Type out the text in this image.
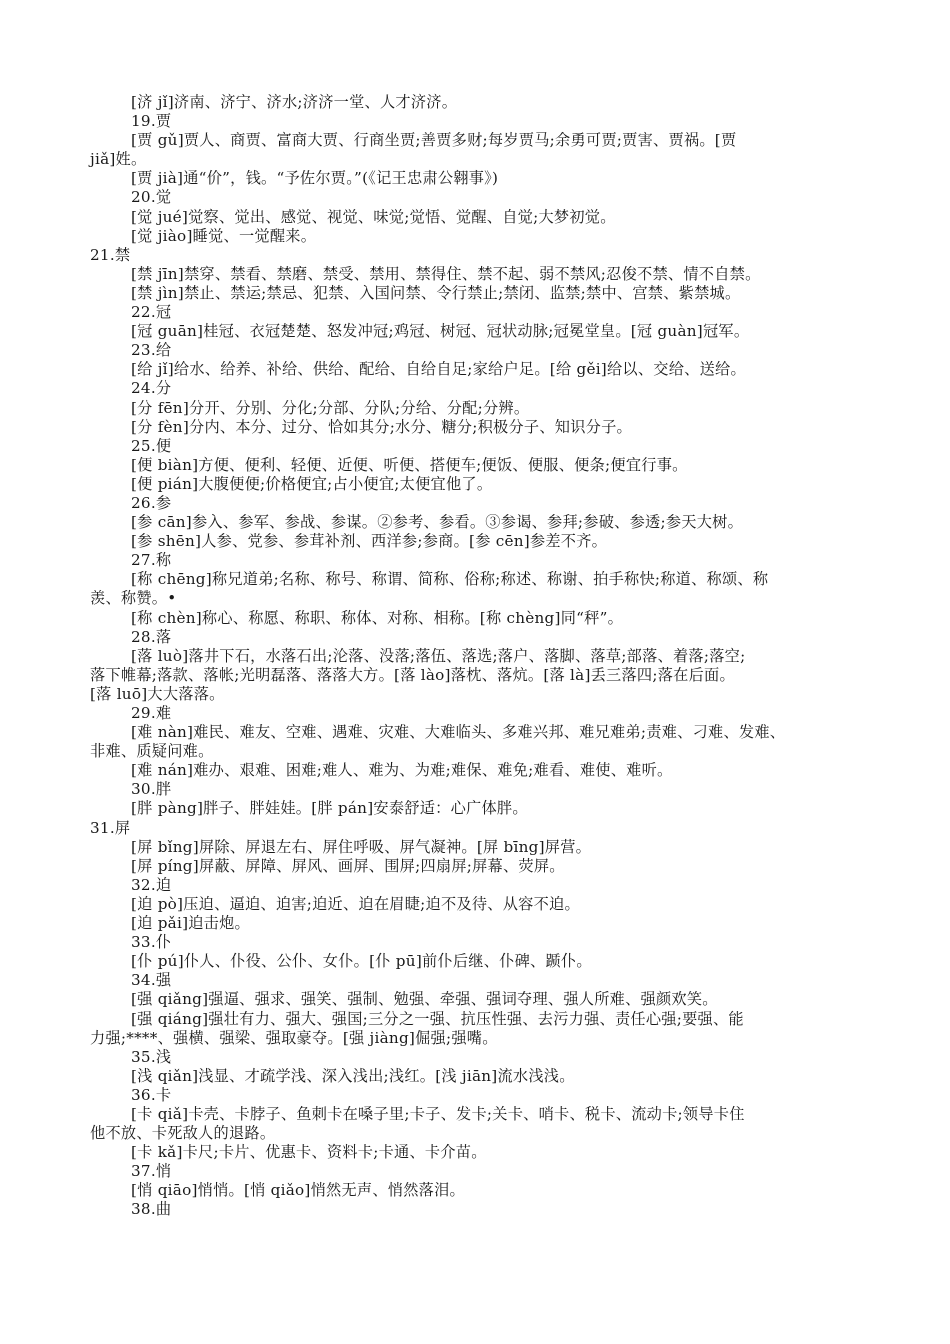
[济 jǐ]济南、济宁、济水;济济一堂、人才济济。
19.贾
[贾 gǔ]贾人、商贾、富商大贾、行商坐贾;善贾多财;每岁贾马;余勇可贾;贾害、贾祸。[贾
jiǎ]姓。
[贾 jià]通“价”，钱。“予佐尔贾。”(《记王忠肃公翱事》)
20.觉
[觉 jué]觉察、觉出、感觉、视觉、味觉;觉悟、觉醒、自觉;大梦初觉。
[觉 jiào]睡觉、一觉醒来。
21.禁
[禁 jīn]禁穿、禁看、禁磨、禁受、禁用、禁得住、禁不起、弱不禁风;忍俊不禁、情不自禁。
[禁 jìn]禁止、禁运;禁忌、犯禁、入国问禁、令行禁止;禁闭、监禁;禁中、宫禁、紫禁城。
22.冠
[冠 guān]桂冠、衣冠楚楚、怒发冲冠;鸡冠、树冠、冠状动脉;冠冕堂皇。[冠 guàn]冠军。
23.给
[给 jǐ]给水、给养、补给、供给、配给、自给自足;家给户足。[给 gěi]给以、交给、送给。
24.分
[分 fēn]分开、分别、分化;分部、分队;分给、分配;分辨。
[分 fèn]分内、本分、过分、恰如其分;水分、糖分;积极分子、知识分子。
25.便
[便 biàn]方便、便利、轻便、近便、听便、搭便车;便饭、便服、便条;便宜行事。
[便 pián]大腹便便;价格便宜;占小便宜;太便宜他了。
26.参
[参 cān]参入、参军、参战、参谋。②参考、参看。③参谒、参拜;参破、参透;参天大树。
[参 shēn]人参、党参、参茸补剂、西洋参;参商。[参 cēn]参差不齐。
27.称
[称 chēng]称兄道弟;名称、称号、称谓、简称、俗称;称述、称谢、拍手称快;称道、称颂、称
羡、称赞。•
[称 chèn]称心、称愿、称职、称体、对称、相称。[称 chèng]同“秤”。
28.落
[落 luò]落井下石，水落石出;沦落、没落;落伍、落选;落户、落脚、落草;部落、着落;落空;
落下帷幕;落款、落帐;光明磊落、落落大方。[落 lào]落枕、落炕。[落 là]丢三落四;落在后面。
[落 luō]大大落落。
29.难
[难 nàn]难民、难友、空难、遇难、灾难、大难临头、多难兴邦、难兄难弟;责难、刁难、发难、
非难、质疑问难。
[难 nán]难办、艰难、困难;难人、难为、为难;难保、难免;难看、难使、难听。
30.胖
[胖 pàng]胖子、胖娃娃。[胖 pán]安泰舒适：心广体胖。
31.屏
[屏 bǐng]屏除、屏退左右、屏住呼吸、屏气凝神。[屏 bīng]屏营。
[屏 píng]屏蔽、屏障、屏风、画屏、围屏;四扇屏;屏幕、荧屏。
32.迫
[迫 pò]压迫、逼迫、迫害;迫近、迫在眉睫;迫不及待、从容不迫。
[迫 pǎi]迫击炮。
33.仆
[仆 pú]仆人、仆役、公仆、女仆。[仆 pū]前仆后继、仆碑、踬仆。
34.强
[强 qiǎng]强逼、强求、强笑、强制、勉强、牵强、强词夺理、强人所难、强颜欢笑。
[强 qiáng]强壮有力、强大、强国;三分之一强、抗压性强、去污力强、责任心强;要强、能
力强;****、强横、强梁、强取豪夺。[强 jiàng]倔强;强嘴。
35.浅
[浅 qiǎn]浅显、才疏学浅、深入浅出;浅红。[浅 jiān]流水浅浅。
36.卡
[卡 qiǎ]卡壳、卡脖子、鱼刺卡在嗓子里;卡子、发卡;关卡、哨卡、税卡、流动卡;领导卡住
他不放、卡死敌人的退路。
[卡 kǎ]卡尺;卡片、优惠卡、资料卡;卡通、卡介苗。
37.悄
[悄 qiāo]悄悄。[悄 qiǎo]悄然无声、悄然落泪。
38.曲
